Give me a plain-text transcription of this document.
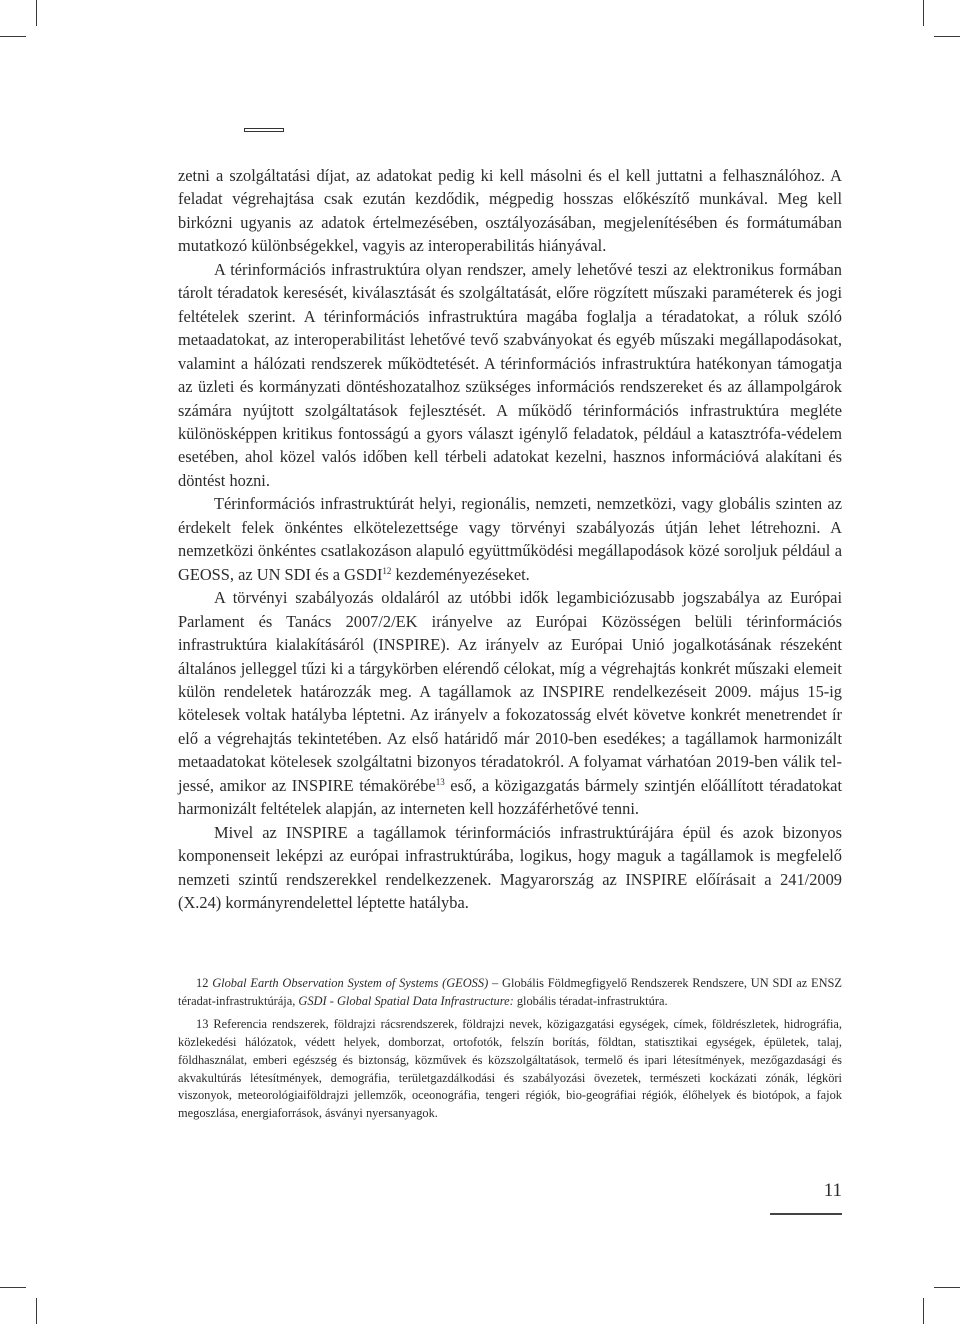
zetni a szolgáltatási díjat, az adatokat pedig ki kell másolni és el kell juttatni a felhasználóhoz. A feladat végrehajtása csak ezután kezdődik, mégpedig hosszas előkészítő munkával. Meg kell birkózni ugyanis az adatok értelmezésében, osztályozásában, megjelenítésében és formátumában mutatkozó különbségekkel, vagyis az interoperabilitás hiányával.

A térinformációs infrastruktúra olyan rendszer, amely lehetővé teszi az elektronikus formában tárolt téradatok keresését, kiválasztását és szolgáltatását, előre rögzített műszaki paraméterek és jogi feltételek szerint. A térinformációs infrastruktúra magába foglalja a téradatokat, a róluk szóló metaadatokat, az interoperabilitást lehetővé tevő szabványokat és egyéb műszaki megállapodásokat, valamint a hálózati rendszerek működtetését. A térinformációs infrastruktúra hatékonyan támogatja az üzleti és kormányzati döntéshozatalhoz szükséges információs rendszereket és az állampolgárok számára nyújtott szolgáltatások fejlesztését. A működő térinformációs infrastruktúra megléte különösképpen kritikus fontosságú a gyors választ igénylő feladatok, például a katasztrófa-védelem esetében, ahol közel valós időben kell térbeli adatokat kezelni, hasznos információvá alakítani és döntést hozni.

Térinformációs infrastruktúrát helyi, regionális, nemzeti, nemzetközi, vagy globális szinten az érdekelt felek önkéntes elkötelezettsége vagy törvényi szabályozás útján lehet létrehozni. A nemzetközi önkéntes csatlakozáson alapuló együttműködési megállapodások közé soroljuk például a GEOSS, az UN SDI és a GSDI$^{12}$ kezdeményezéseket.

A törvényi szabályozás oldaláról az utóbbi idők legambiciózusabb jogszabálya az Európai Parlament és Tanács 2007/2/EK irányelve az Európai Közösségen belüli térinformációs infrastruktúra kialakításáról (INSPIRE). Az irányelv az Európai Unió jogalkotásának részeként általános jelleggel tűzi ki a tárgykörben elérendő célokat, míg a végrehajtás konkrét műszaki elemeit külön rendeletek határozzák meg. A tagállamok az INSPIRE rendelkezéseit 2009. május 15-ig kötelesek voltak hatályba léptetni. Az irányelv a fokozatosság elvét követve konkrét menetrendet ír elő a végrehajtás tekintetében. Az első határidő már 2010-ben esedékes; a tagállamok harmonizált metaadatokat kötelesek szolgáltatni bizonyos téradatokról. A folyamat várhatóan 2019-ben válik teljessé, amikor az INSPIRE témakörébe$^{13}$ eső, a közigazgatás bármely szintjén előállított téradatokat harmonizált feltételek alapján, az interneten kell hozzáférhetővé tenni.

Mivel az INSPIRE a tagállamok térinformációs infrastruktúrájára épül és azok bizonyos komponenseit leképzi az európai infrastruktúrába, logikus, hogy maguk a tagállamok is megfelelő nemzeti szintű rendszerekkel rendelkezzenek. Magyarország az INSPIRE előírásait a 241/2009 (X.24) kormányrendelettel léptette hatályba.

12 Global Earth Observation System of Systems (GEOSS) – Globális Földmegfigyelő Rendszerek Rendszere, UN SDI az ENSZ téradat-infrastruktúrája, GSDI - Global Spatial Data Infrastructure: globális téradat-infrastruktúra.

13 Referencia rendszerek, földrajzi rácsrendszerek, földrajzi nevek, közigazgatási egységek, címek, földrészletek, hidrográfia, közlekedési hálózatok, védett helyek, domborzat, ortofotók, felszín borítás, földtan, statisztikai egységek, épületek, talaj, földhasználat, emberi egészség és biztonság, közművek és közszolgáltatások, termelő és ipari létesítmények, mezőgazdasági és akvakultúrás létesítmények, demográfia, területgazdálkodási és szabályozási övezetek, természeti kockázati zónák, légköri viszonyok, meteorológiaiföldrajzi jellemzők, oceonográfia, tengeri régiók, bio-geográfiai régiók, élőhelyek és biotópok, a fajok megoszlása, energiaforrások, ásványi nyersanyagok.

11
